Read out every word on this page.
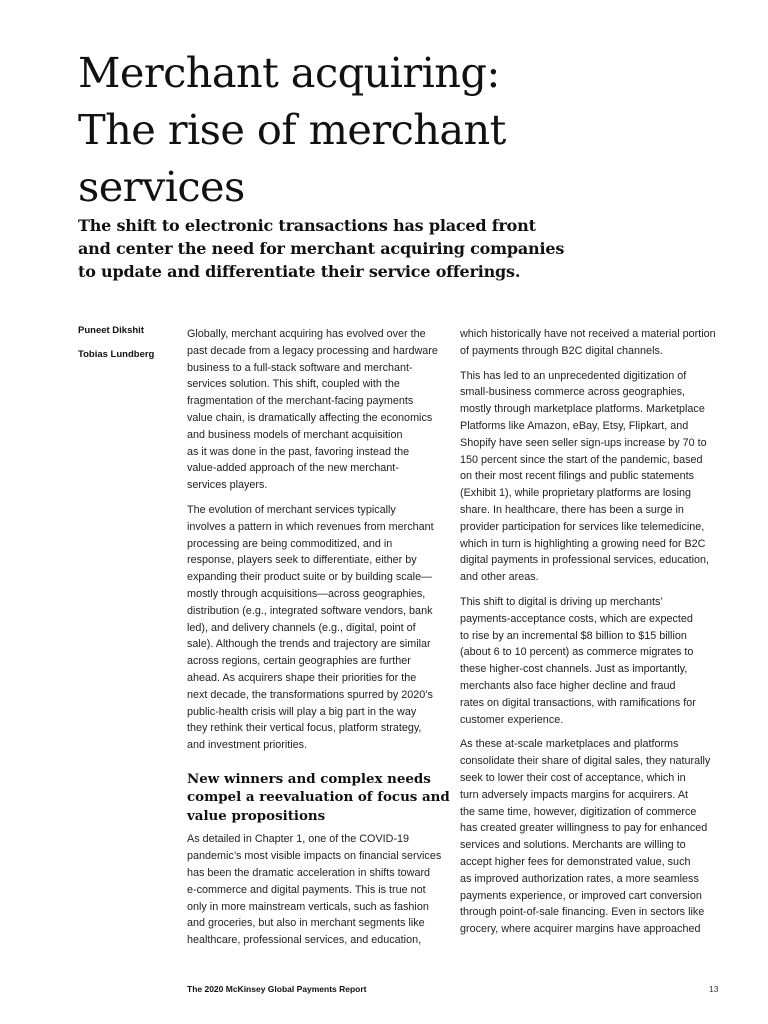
Merchant acquiring:
The rise of merchant
services

The shift to electronic transactions has placed front
and center the need for merchant acquiring companies
to update and differentiate their service offerings.

Puneet Dikshit
Tobias Lundberg

Globally, merchant acquiring has evolved over the
past decade from a legacy processing and hardware
business to a full-stack software and merchant-
services solution. This shift, coupled with the
fragmentation of the merchant-facing payments
value chain, is dramatically affecting the economics
and business models of merchant acquisition
as it was done in the past, favoring instead the
value-added approach of the new merchant-
services players.

The evolution of merchant services typically
involves a pattern in which revenues from merchant
processing are being commoditized, and in
response, players seek to differentiate, either by
expanding their product suite or by building scale—
mostly through acquisitions—across geographies,
distribution (e.g., integrated software vendors, bank
led), and delivery channels (e.g., digital, point of
sale). Although the trends and trajectory are similar
across regions, certain geographies are further
ahead. As acquirers shape their priorities for the
next decade, the transformations spurred by 2020’s
public-health crisis will play a big part in the way
they rethink their vertical focus, platform strategy,
and investment priorities.

New winners and complex needs
compel a reevaluation of focus and
value propositions

As detailed in Chapter 1, one of the COVID-19
pandemic’s most visible impacts on financial services
has been the dramatic acceleration in shifts toward
e-commerce and digital payments. This is true not
only in more mainstream verticals, such as fashion
and groceries, but also in merchant segments like
healthcare, professional services, and education,

which historically have not received a material portion
of payments through B2C digital channels.

This has led to an unprecedented digitization of
small-business commerce across geographies,
mostly through marketplace platforms. Marketplace
Platforms like Amazon, eBay, Etsy, Flipkart, and
Shopify have seen seller sign-ups increase by 70 to
150 percent since the start of the pandemic, based
on their most recent filings and public statements
(Exhibit 1), while proprietary platforms are losing
share. In healthcare, there has been a surge in
provider participation for services like telemedicine,
which in turn is highlighting a growing need for B2C
digital payments in professional services, education,
and other areas.

This shift to digital is driving up merchants’
payments-acceptance costs, which are expected
to rise by an incremental $8 billion to $15 billion
(about 6 to 10 percent) as commerce migrates to
these higher-cost channels. Just as importantly,
merchants also face higher decline and fraud
rates on digital transactions, with ramifications for
customer experience.

As these at-scale marketplaces and platforms
consolidate their share of digital sales, they naturally
seek to lower their cost of acceptance, which in
turn adversely impacts margins for acquirers. At
the same time, however, digitization of commerce
has created greater willingness to pay for enhanced
services and solutions. Merchants are willing to
accept higher fees for demonstrated value, such
as improved authorization rates, a more seamless
payments experience, or improved cart conversion
through point-of-sale financing. Even in sectors like
grocery, where acquirer margins have approached

The 2020 McKinsey Global Payments Report	13
